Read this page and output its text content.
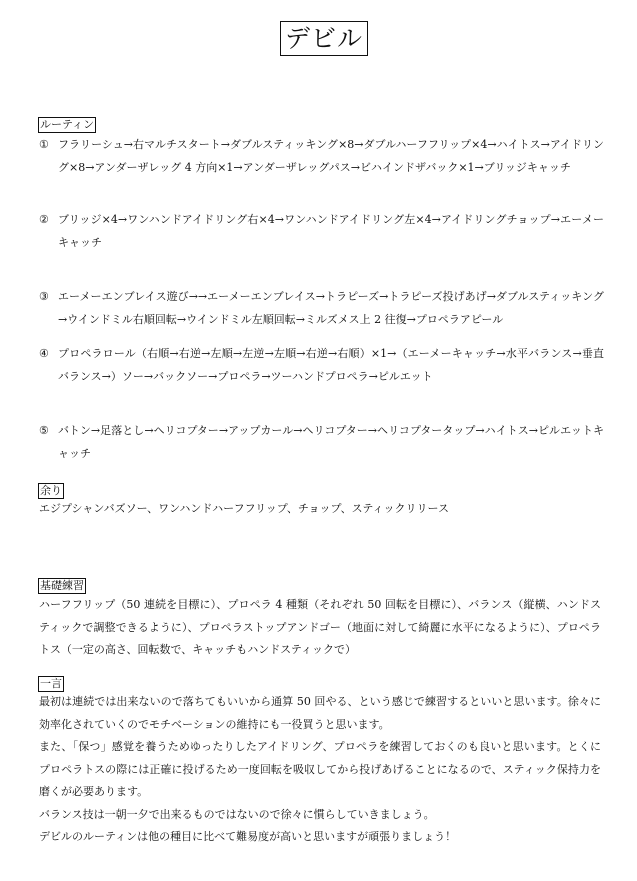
デビル
ルーティン
① フラリーシュ→右マルチスタート→ダブルスティッキング×8→ダブルハーフフリップ×4→ハイトス→アイドリング×8→アンダーザレッグ 4 方向×1→アンダーザレッグパス→ビハインドザバック×1→ブリッジキャッチ
② ブリッジ×4→ワンハンドアイドリング右×4→ワンハンドアイドリング左×4→アイドリングチョップ→エーメーキャッチ
③ エーメーエンブレイス遊び→→エーメーエンブレイス→トラピーズ→トラピーズ投げあげ→ダブルスティッキング→ウインドミル右順回転→ウインドミル左順回転→ミルズメス上 2 往復→プロペラアピール
④ プロペラロール（右順→右逆→左順→左逆→左順→右逆→右順）×1→（エーメーキャッチ→水平バランス→垂直バランス→）ソー→バックソー→プロペラ→ツーハンドプロペラ→ピルエット
⑤ バトン→足落とし→ヘリコプター→アップカール→ヘリコプター→ヘリコプタータップ→ハイトス→ピルエットキャッチ
余り
エジプシャンバズソー、ワンハンドハーフフリップ、チョップ、スティックリリース
基礎練習
ハーフフリップ（50 連続を目標に）、プロペラ 4 種類（それぞれ 50 回転を目標に）、バランス（縦横、ハンドスティックで調整できるように）、プロペラストップアンドゴー（地面に対して綺麗に水平になるように）、プロペラトス（一定の高さ、回転数で、キャッチもハンドスティックで）
一言

最初は連続では出来ないので落ちてもいいから通算 50 回やる、という感じで練習するといいと思います。徐々に効率化されていくのでモチベーションの維持にも一役買うと思います。

また、「保つ」感覚を養うためゆったりしたアイドリング、プロペラを練習しておくのも良いと思います。とくにプロペラトスの際には正確に投げるため一度回転を吸収してから投げあげることになるので、スティック保持力を磨くが必要あります。

バランス技は一朝一夕で出来るものではないので徐々に慣らしていきましょう。

デビルのルーティンは他の種目に比べて難易度が高いと思いますが頑張りましょう！
